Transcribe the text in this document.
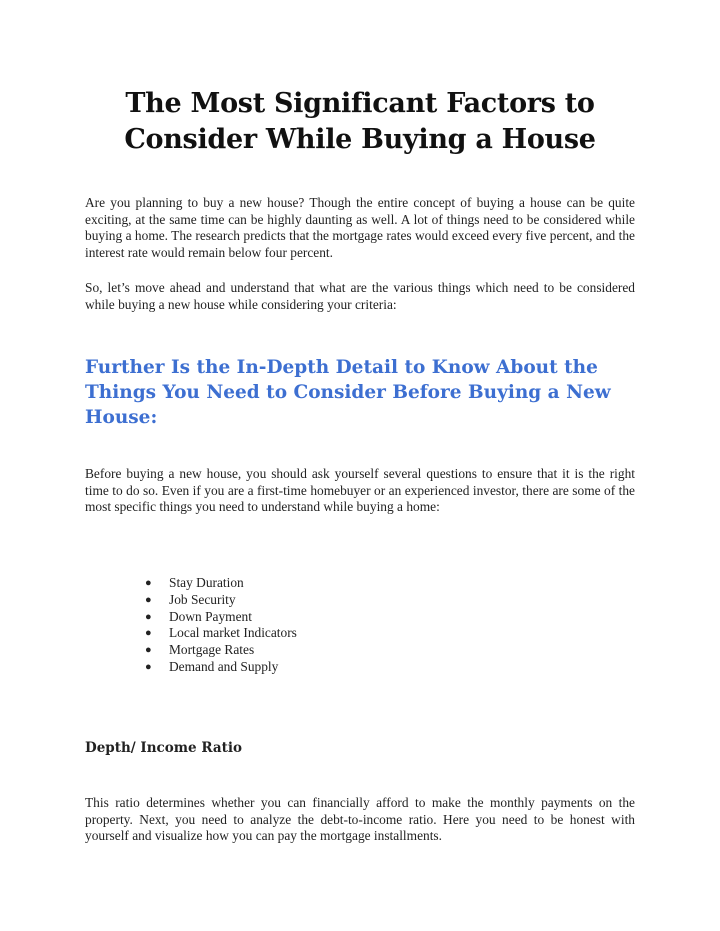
The Most Significant Factors to
Consider While Buying a House

Are you planning to buy a new house? Though the entire concept of buying a house can be quite exciting, at the same time can be highly daunting as well. A lot of things need to be considered while buying a home. The research predicts that the mortgage rates would exceed every five percent, and the interest rate would remain below four percent.

So, let’s move ahead and understand that what are the various things which need to be considered while buying a new house while considering your criteria:

Further Is the In-Depth Detail to Know About the Things You Need to Consider Before Buying a New House:

Before buying a new house, you should ask yourself several questions to ensure that it is the right time to do so. Even if you are a first-time homebuyer or an experienced investor, there are some of the most specific things you need to understand while buying a home:

● Stay Duration
● Job Security
● Down Payment
● Local market Indicators
● Mortgage Rates
● Demand and Supply
Depth/ Income Ratio

This ratio determines whether you can financially afford to make the monthly payments on the property. Next, you need to analyze the debt-to-income ratio. Here you need to be honest with yourself and visualize how you can pay the mortgage installments.
